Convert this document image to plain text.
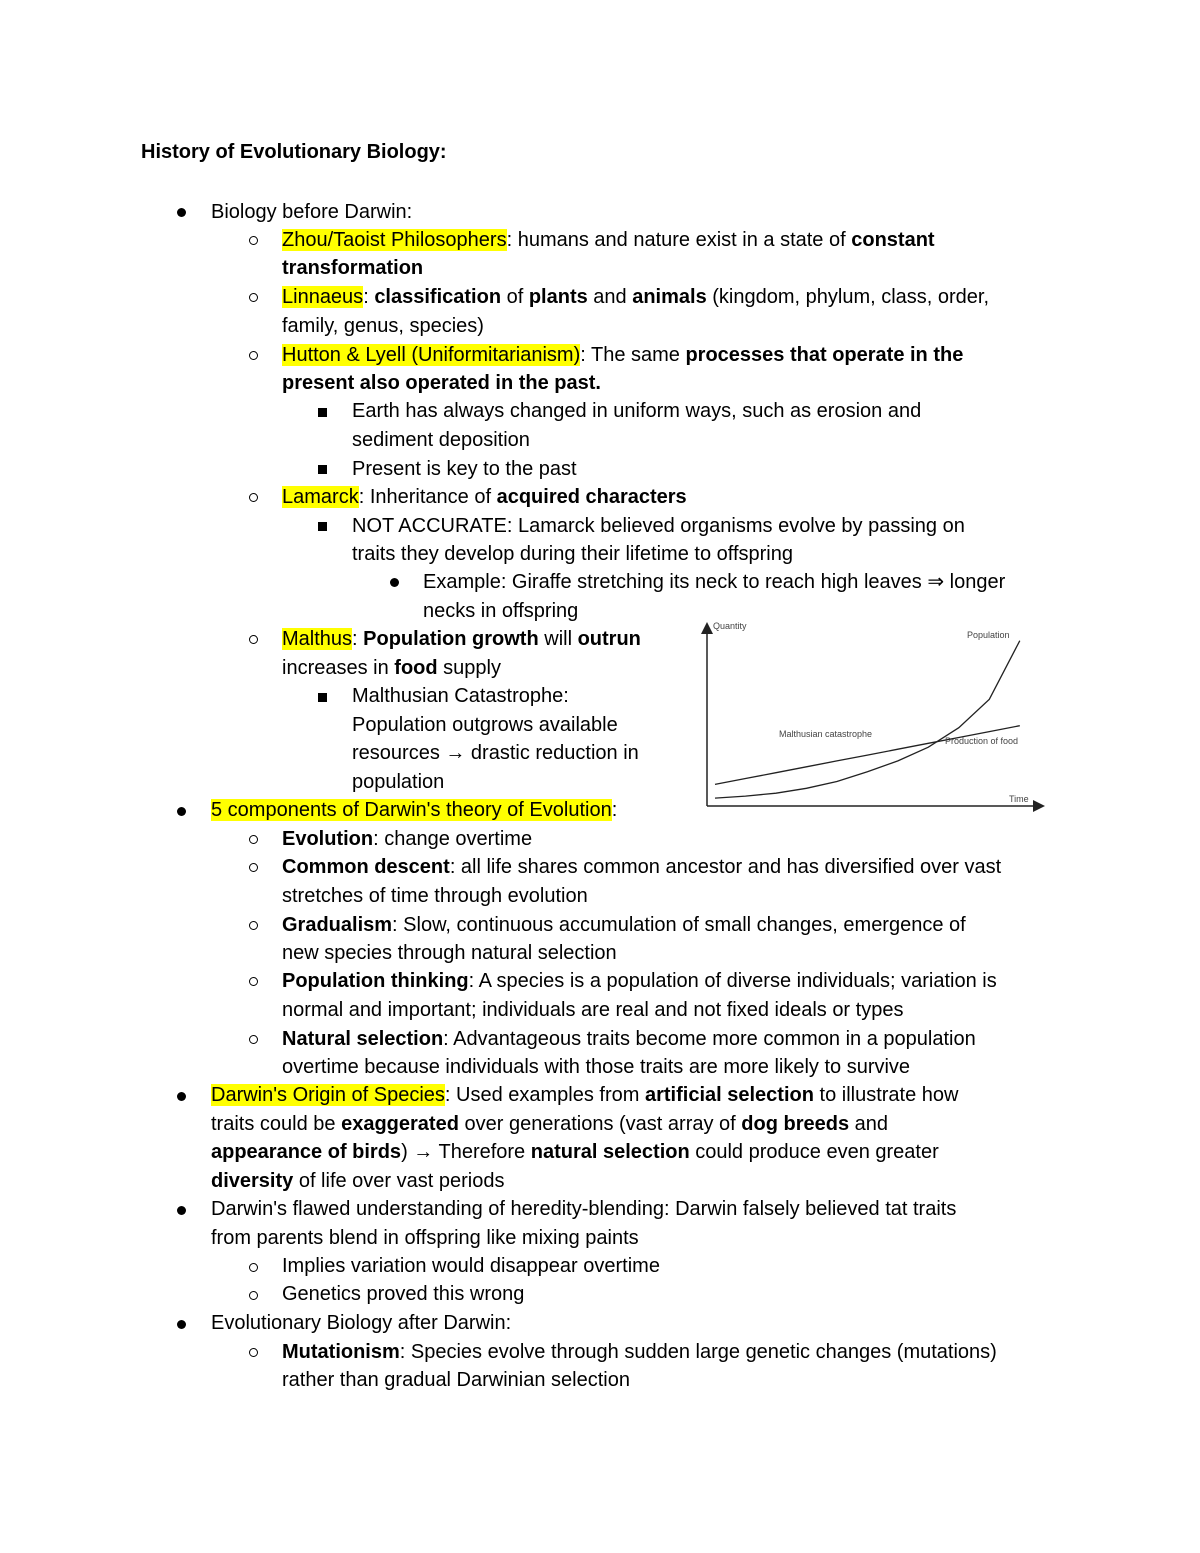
History of Evolutionary Biology:
Biology before Darwin:
Zhou/Taoist Philosophers: humans and nature exist in a state of constant
transformation
Linnaeus: classification of plants and animals (kingdom, phylum, class, order,
family, genus, species)
Hutton & Lyell (Uniformitarianism): The same processes that operate in the
present also operated in the past.
Earth has always changed in uniform ways, such as erosion and
sediment deposition
Present is key to the past
Lamarck: Inheritance of acquired characters
NOT ACCURATE: Lamarck believed organisms evolve by passing on
traits they develop during their lifetime to offspring
Example: Giraffe stretching its neck to reach high leaves ⇒ longer
necks in offspring
Malthus: Population growth will outrun
increases in food supply
Malthusian Catastrophe:
Population outgrows available
resources → drastic reduction in
population
Quantity
Time
Population
Production of food
Malthusian catastrophe
5 components of Darwin's theory of Evolution:
Evolution: change overtime
Common descent: all life shares common ancestor and has diversified over vast
stretches of time through evolution
Gradualism: Slow, continuous accumulation of small changes, emergence of
new species through natural selection
Population thinking: A species is a population of diverse individuals; variation is
normal and important; individuals are real and not fixed ideals or types
Natural selection: Advantageous traits become more common in a population
overtime because individuals with those traits are more likely to survive
Darwin's Origin of Species: Used examples from artificial selection to illustrate how
traits could be exaggerated over generations (vast array of dog breeds and
appearance of birds) → Therefore natural selection could produce even greater
diversity of life over vast periods
Darwin's flawed understanding of heredity-blending: Darwin falsely believed tat traits
from parents blend in offspring like mixing paints
Implies variation would disappear overtime
Genetics proved this wrong
Evolutionary Biology after Darwin:
Mutationism: Species evolve through sudden large genetic changes (mutations)
rather than gradual Darwinian selection
